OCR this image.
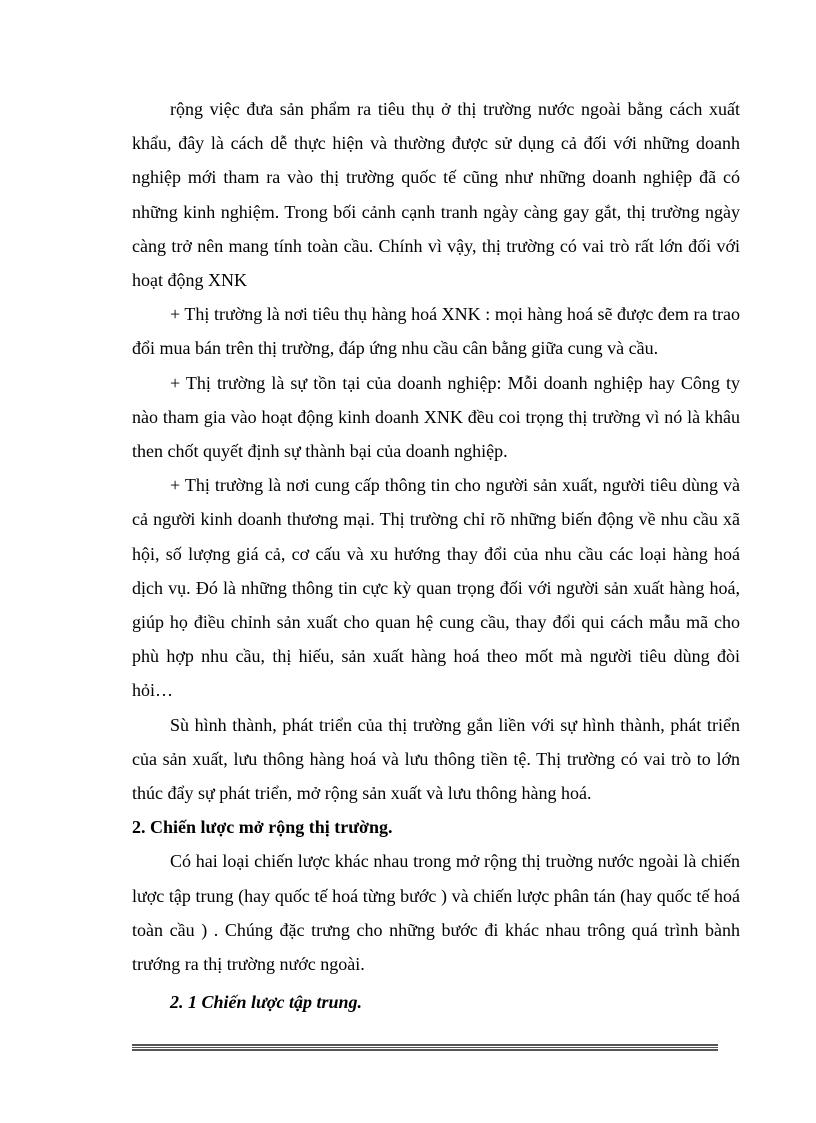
rộng việc đưa sản phẩm ra tiêu thụ ở thị trường nước ngoài bằng cách xuất khẩu, đây là cách dễ thực hiện và thường được sử dụng cả đối với những doanh nghiệp mới tham ra vào thị trường quốc tế cũng như những doanh nghiệp đã có những kinh nghiệm. Trong bối cảnh cạnh tranh ngày càng gay gắt, thị trường ngày càng trở nên mang tính toàn cầu. Chính vì vậy, thị trường có vai trò rất lớn đối với hoạt động XNK

+ Thị trường là nơi tiêu thụ hàng hoá XNK : mọi hàng hoá sẽ được đem ra trao đổi mua bán trên thị trường, đáp ứng nhu cầu cân bằng giữa cung và cầu.

+ Thị trường là sự tồn tại của doanh nghiệp: Mỗi doanh nghiệp hay Công ty nào tham gia vào hoạt động kinh doanh XNK đều coi trọng thị trường vì nó là khâu then chốt quyết định sự thành bại của doanh nghiệp.

+ Thị trường là nơi cung cấp thông tin cho người sản xuất, người tiêu dùng và cả người kinh doanh thương mại. Thị trường chỉ rõ những biến động về nhu cầu xã hội, số lượng giá cả, cơ cấu và xu hướng thay đổi của nhu cầu các loại hàng hoá dịch vụ. Đó là những thông tin cực kỳ quan trọng đối với người sản xuất hàng hoá, giúp họ điều chỉnh sản xuất cho quan hệ cung cầu, thay đổi qui cách mẫu mã cho phù hợp nhu cầu, thị hiếu, sản xuất hàng hoá theo mốt mà người tiêu dùng đòi hỏi…

Sù hình thành, phát triển của thị trường gắn liền với sự hình thành, phát triển của sản xuất, lưu thông hàng hoá và lưu thông tiền tệ. Thị trường có vai trò to lớn thúc đẩy sự phát triển, mở rộng sản xuất và lưu thông hàng hoá.

2. Chiến lược mở rộng thị trường.

Có hai loại chiến lược khác nhau trong mở rộng thị truờng nước ngoài là chiến lược tập trung (hay quốc tế hoá từng bước ) và chiến lược phân tán (hay quốc tế hoá toàn cầu ) . Chúng đặc trưng cho những bước đi khác nhau trông quá trình bành trướng ra thị trường nước ngoài.

2. 1 Chiến lược tập trung.
